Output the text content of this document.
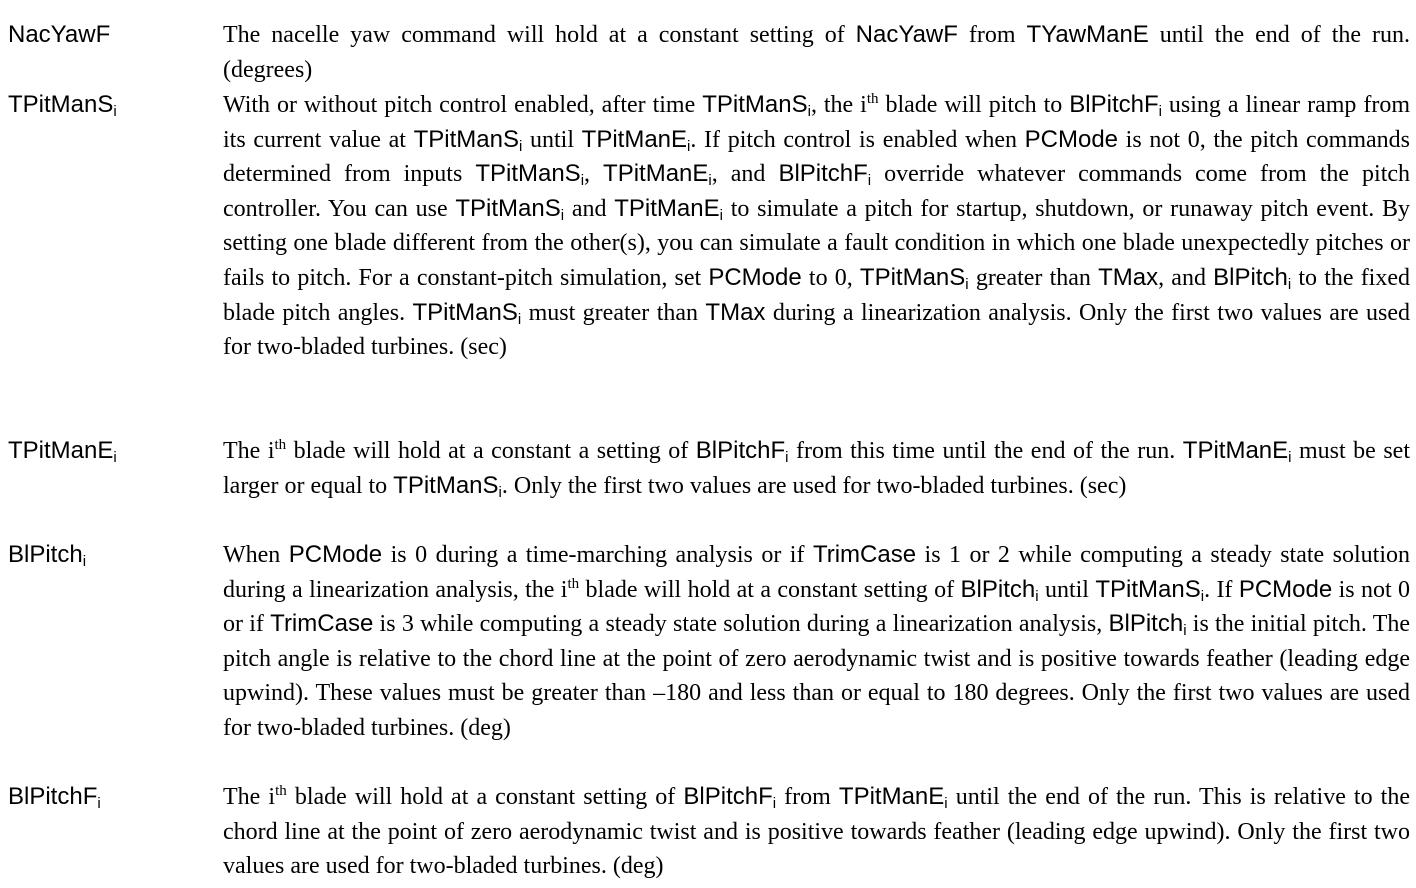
NacYawF	The nacelle yaw command will hold at a constant setting of NacYawF from TYawManE until the end of the run. (degrees)
TPitManS$_i$	With or without pitch control enabled, after time TPitManS$_i$, the $i^{th}$ blade will pitch to BlPitchF$_i$ using a linear ramp from its current value at TPitManS$_i$ until TPitManE$_i$. If pitch control is enabled when PCMode is not 0, the pitch commands determined from inputs TPitManS$_i$, TPitManE$_i$, and BlPitchF$_i$ override whatever commands come from the pitch controller. You can use TPitManS$_i$ and TPitManE$_i$ to simulate a pitch for startup, shutdown, or runaway pitch event. By setting one blade different from the other(s), you can simulate a fault condition in which one blade unexpectedly pitches or fails to pitch. For a constant-pitch simulation, set PCMode to 0, TPitManS$_i$ greater than TMax, and BlPitch$_i$ to the fixed blade pitch angles. TPitManS$_i$ must greater than TMax during a linearization analysis. Only the first two values are used for two-bladed turbines. (sec)
TPitManE$_i$	The $i^{th}$ blade will hold at a constant a setting of BlPitchF$_i$ from this time until the end of the run. TPitManE$_i$ must be set larger or equal to TPitManS$_i$. Only the first two values are used for two-bladed turbines. (sec)
BlPitch$_i$	When PCMode is 0 during a time-marching analysis or if TrimCase is 1 or 2 while computing a steady state solution during a linearization analysis, the $i^{th}$ blade will hold at a constant setting of BlPitch$_i$ until TPitManS$_i$. If PCMode is not 0 or if TrimCase is 3 while computing a steady state solution during a linearization analysis, BlPitch$_i$ is the initial pitch. The pitch angle is relative to the chord line at the point of zero aerodynamic twist and is positive towards feather (leading edge upwind). These values must be greater than –180 and less than or equal to 180 degrees. Only the first two values are used for two-bladed turbines. (deg)
BlPitchF$_i$	The $i^{th}$ blade will hold at a constant setting of BlPitchF$_i$ from TPitManE$_i$ until the end of the run. This is relative to the chord line at the point of zero aerodynamic twist and is positive towards feather (leading edge upwind). Only the first two values are used for two-bladed turbines. (deg)
